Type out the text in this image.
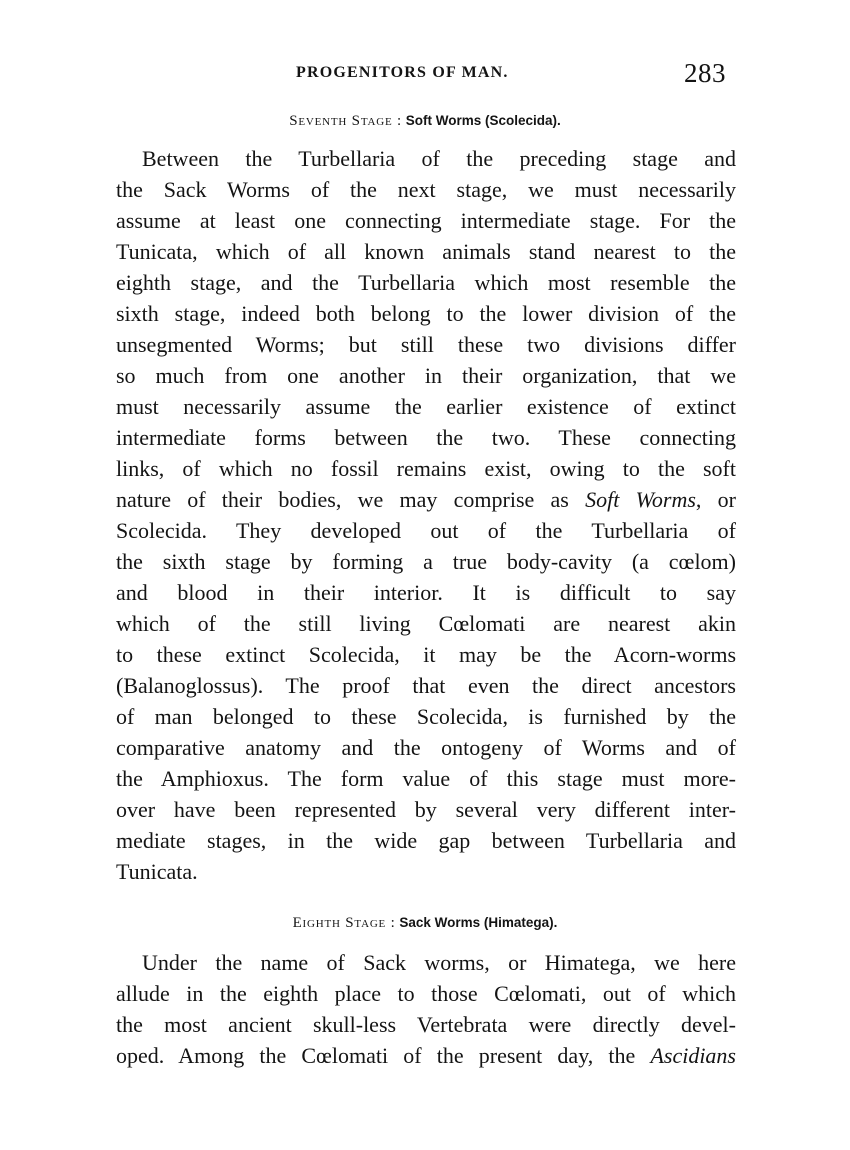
PROGENITORS OF MAN.	283
Seventh Stage : Soft Worms (Scolecida).
Between the Turbellaria of the preceding stage and
the Sack Worms of the next stage, we must necessarily
assume at least one connecting intermediate stage. For the
Tunicata, which of all known animals stand nearest to the
eighth stage, and the Turbellaria which most resemble the
sixth stage, indeed both belong to the lower division of the
unsegmented Worms; but still these two divisions differ
so much from one another in their organization, that we
must necessarily assume the earlier existence of extinct
intermediate forms between the two. These connecting
links, of which no fossil remains exist, owing to the soft
nature of their bodies, we may comprise as Soft Worms, or
Scolecida. They developed out of the Turbellaria of
the sixth stage by forming a true body-cavity (a cœlom)
and blood in their interior. It is difficult to say
which of the still living Cœlomati are nearest akin
to these extinct Scolecida, it may be the Acorn-worms
(Balanoglossus). The proof that even the direct ancestors
of man belonged to these Scolecida, is furnished by the
comparative anatomy and the ontogeny of Worms and of
the Amphioxus. The form value of this stage must more-
over have been represented by several very different inter-
mediate stages, in the wide gap between Turbellaria and
Tunicata.
Eighth Stage : Sack Worms (Himatega).
Under the name of Sack worms, or Himatega, we here
allude in the eighth place to those Cœlomati, out of which
the most ancient skull-less Vertebrata were directly devel-
oped. Among the Cœlomati of the present day, the Ascidians
